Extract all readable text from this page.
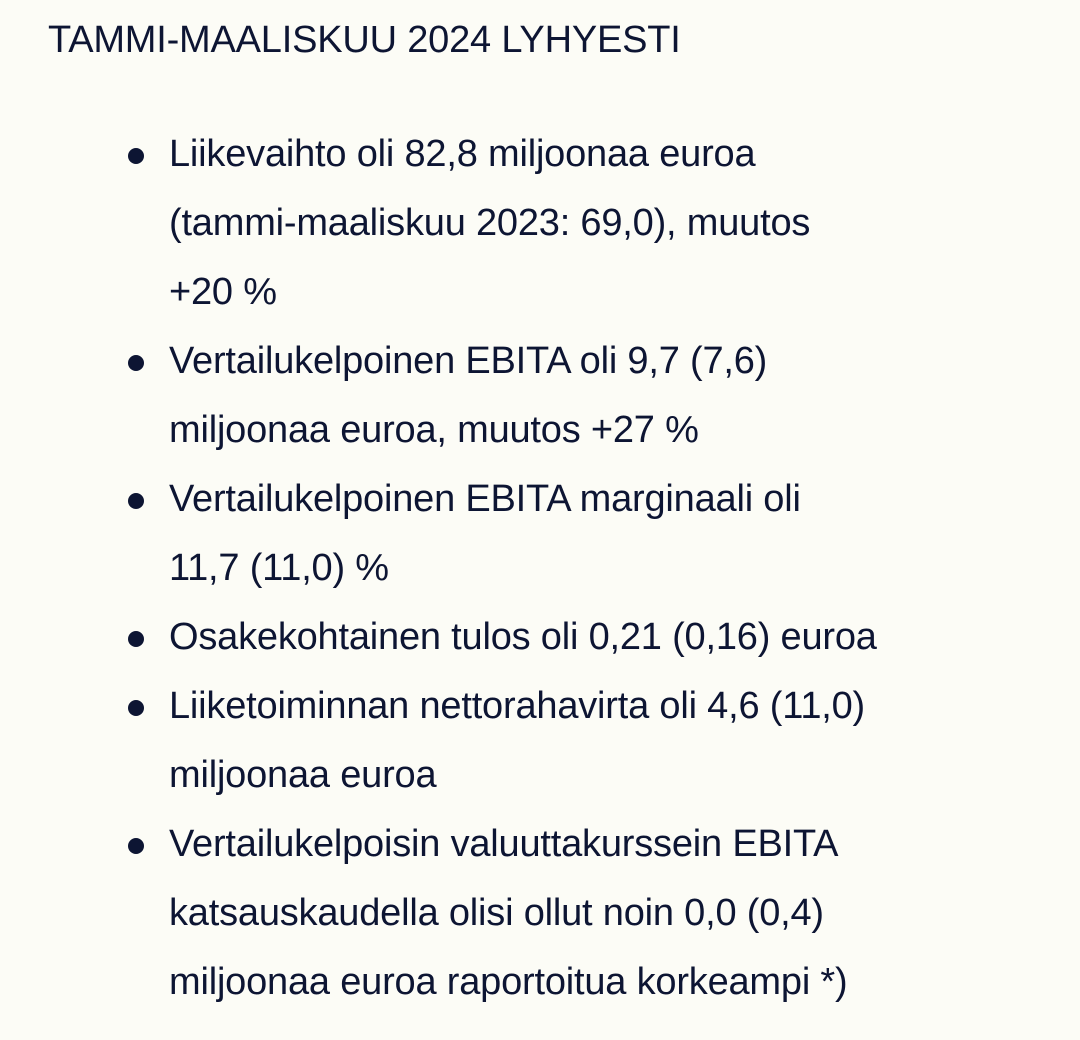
TAMMI-MAALISKUU 2024 LYHYESTI
Liikevaihto oli 82,8 miljoonaa euroa
(tammi-maaliskuu 2023: 69,0), muutos
+20 %
Vertailukelpoinen EBITA oli 9,7 (7,6)
miljoonaa euroa, muutos +27 %
Vertailukelpoinen EBITA marginaali oli
11,7 (11,0) %
Osakekohtainen tulos oli 0,21 (0,16) euroa
Liiketoiminnan nettorahavirta oli 4,6 (11,0)
miljoonaa euroa
Vertailukelpoisin valuuttakurssein EBITA
katsauskaudella olisi ollut noin 0,0 (0,4)
miljoonaa euroa raportoitua korkeampi *)
